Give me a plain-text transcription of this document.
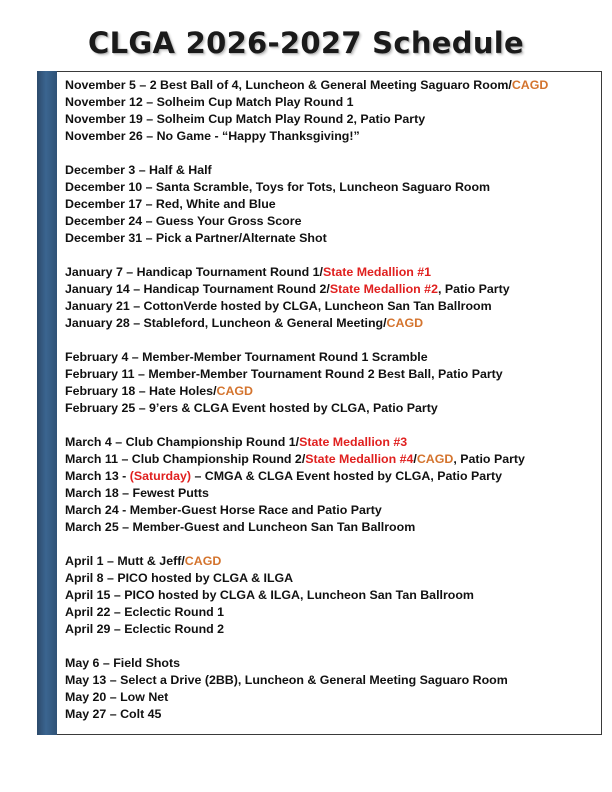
CLGA 2026-2027 Schedule
November 5 – 2 Best Ball of 4, Luncheon & General Meeting Saguaro Room/CAGD
November 12 – Solheim Cup Match Play Round 1
November 19 – Solheim Cup Match Play Round 2, Patio Party
November 26 – No Game - “Happy Thanksgiving!”
December 3 – Half & Half
December 10 – Santa Scramble, Toys for Tots, Luncheon Saguaro Room
December 17 – Red, White and Blue
December 24 – Guess Your Gross Score
December 31 – Pick a Partner/Alternate Shot
January 7 – Handicap Tournament Round 1/State Medallion #1
January 14 – Handicap Tournament Round 2/State Medallion #2, Patio Party
January 21 – CottonVerde hosted by CLGA, Luncheon San Tan Ballroom
January 28 – Stableford, Luncheon & General Meeting/CAGD
February 4 – Member-Member Tournament Round 1 Scramble
February 11 – Member-Member Tournament Round 2 Best Ball, Patio Party
February 18 – Hate Holes/CAGD
February 25 – 9’ers & CLGA Event hosted by CLGA, Patio Party
March 4 – Club Championship Round 1/State Medallion #3
March 11 – Club Championship Round 2/State Medallion #4/CAGD, Patio Party
March 13 - (Saturday) – CMGA & CLGA Event hosted by CLGA, Patio Party
March 18 – Fewest Putts
March 24 - Member-Guest Horse Race and Patio Party
March 25 – Member-Guest and Luncheon San Tan Ballroom
April 1 – Mutt & Jeff/CAGD
April 8 – PICO hosted by CLGA & ILGA
April 15 – PICO hosted by CLGA & ILGA, Luncheon San Tan Ballroom
April 22 – Eclectic Round 1
April 29 – Eclectic Round 2
May 6 – Field Shots
May 13 – Select a Drive (2BB), Luncheon & General Meeting Saguaro Room
May 20 – Low Net
May 27 – Colt 45
